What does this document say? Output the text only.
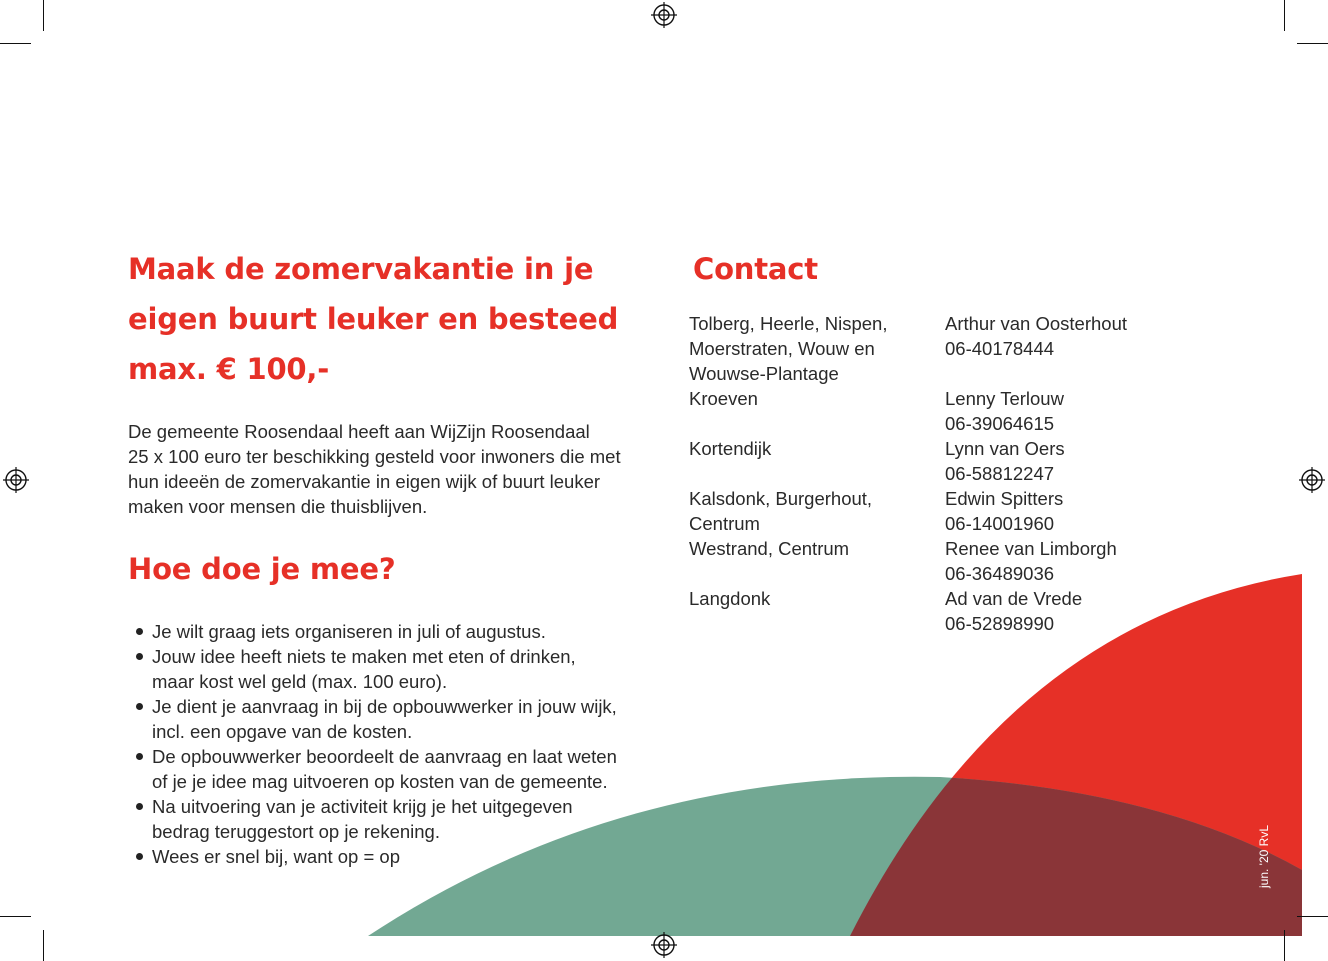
Maak de zomervakantie in je
eigen buurt leuker en besteed
max. € 100,-
De gemeente Roosendaal heeft aan WijZijn Roosendaal
25 x 100 euro ter beschikking gesteld voor inwoners die met
hun ideeën de zomervakantie in eigen wijk of buurt leuker
maken voor mensen die thuisblijven.
Hoe doe je mee?
Je wilt graag iets organiseren in juli of augustus.
Jouw idee heeft niets te maken met eten of drinken,
maar kost wel geld (max. 100 euro).
Je dient je aanvraag in bij de opbouwwerker in jouw wijk,
incl. een opgave van de kosten.
De opbouwwerker beoordeelt de aanvraag en laat weten
of je je idee mag uitvoeren op kosten van de gemeente.
Na uitvoering van je activiteit krijg je het uitgegeven
bedrag teruggestort op je rekening.
Wees er snel bij, want op = op
Contact
Tolberg, Heerle, Nispen,
Moerstraten, Wouw en
Wouwse-Plantage
Kroeven
Kortendijk
Kalsdonk, Burgerhout,
Centrum
Westrand, Centrum
Langdonk
Arthur van Oosterhout
06-40178444
Lenny Terlouw
06-39064615
Lynn van Oers
06-58812247
Edwin Spitters
06-14001960
Renee van Limborgh
06-36489036
Ad van de Vrede
06-52898990
jun. '20 RvL
